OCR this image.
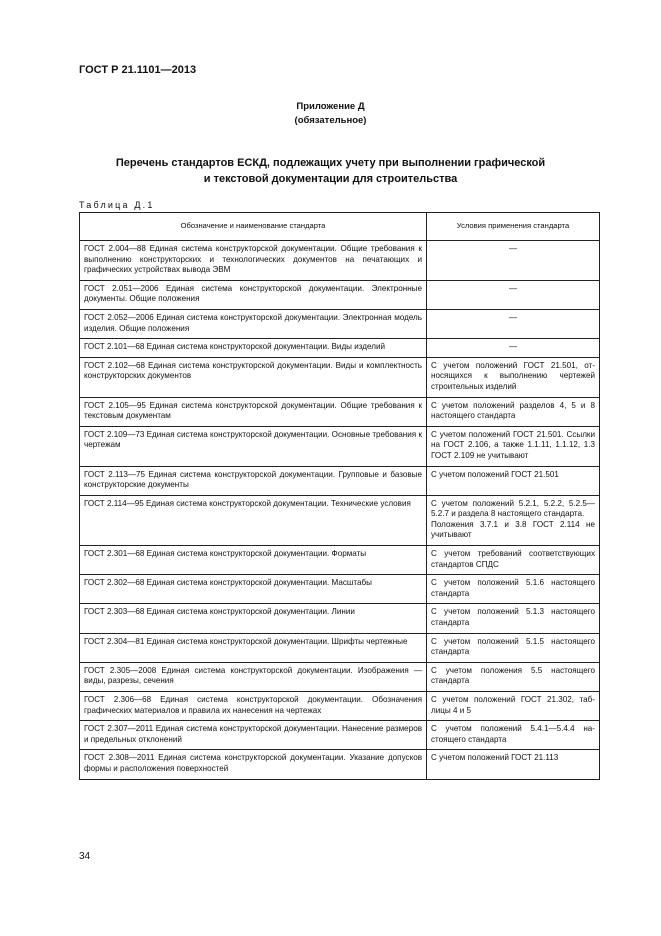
ГОСТ Р 21.1101—2013
Приложение Д
(обязательное)
Перечень стандартов ЕСКД, подлежащих учету при выполнении графической
и текстовой документации для строительства
Таблица Д.1
Обозначение и наименование стандарта	Условия применения стандарта
ГОСТ 2.004—88 Единая система конструкторской документации. Общие требования к выполнению конструкторских и технологических документов на печатающих и графических устройствах вывода ЭВМ	—
ГОСТ 2.051—2006 Единая система конструкторской документации. Электронные документы. Общие положения	—
ГОСТ 2.052—2006 Единая система конструкторской документации. Электронная модель изделия. Общие положения	—
ГОСТ 2.101—68 Единая система конструкторской документации. Виды изделий	—
ГОСТ 2.102—68 Единая система конструкторской документации. Виды и комплектность конструкторских документов	С учетом положений ГОСТ 21.501, относящихся к выполнению чертежей строительных изделий
ГОСТ 2.105—95 Единая система конструкторской документации. Общие требования к текстовым документам	С учетом положений разделов 4, 5 и 8 настоящего стандарта
ГОСТ 2.109—73 Единая система конструкторской документации. Основные требования к чертежам	С учетом положений ГОСТ 21.501. Ссылки на ГОСТ 2.106, а также 1.1.11, 1.1.12, 1.3 ГОСТ 2.109 не учитывают
ГОСТ 2.113—75 Единая система конструкторской документации. Групповые и базовые конструкторские документы	С учетом положений ГОСТ 21.501
ГОСТ 2.114—95 Единая система конструкторской документации. Технические условия	С учетом положений 5.2.1, 5.2.2, 5.2.5—5.2.7 и раздела 8 настоящего стандарта.
Положения 3.7.1 и 3.8 ГОСТ 2.114 не учитывают
ГОСТ 2.301—68 Единая система конструкторской документации. Форматы	С учетом требований соответствующих стандартов СПДС
ГОСТ 2.302—68 Единая система конструкторской документации. Масштабы	С учетом положений 5.1.6 настоящего стандарта
ГОСТ 2.303—68 Единая система конструкторской документации. Линии	С учетом положений 5.1.3 настоящего стандарта
ГОСТ 2.304—81 Единая система конструкторской документации. Шрифты чертежные	С учетом положений 5.1.5 настоящего стандарта
ГОСТ 2.305—2008 Единая система конструкторской документации. Изображения — виды, разрезы, сечения	С учетом положения 5.5 настоящего стандарта
ГОСТ 2.306—68 Единая система конструкторской документации. Обозначения графических материалов и правила их нанесения на чертежах	С учетом положений ГОСТ 21.302, таблицы 4 и 5
ГОСТ 2.307—2011 Единая система конструкторской документации. Нанесение размеров и предельных отклонений	С учетом положений 5.4.1—5.4.4 настоящего стандарта
ГОСТ 2.308—2011 Единая система конструкторской документации. Указание допусков формы и расположения поверхностей	С учетом положений ГОСТ 21.113
34
